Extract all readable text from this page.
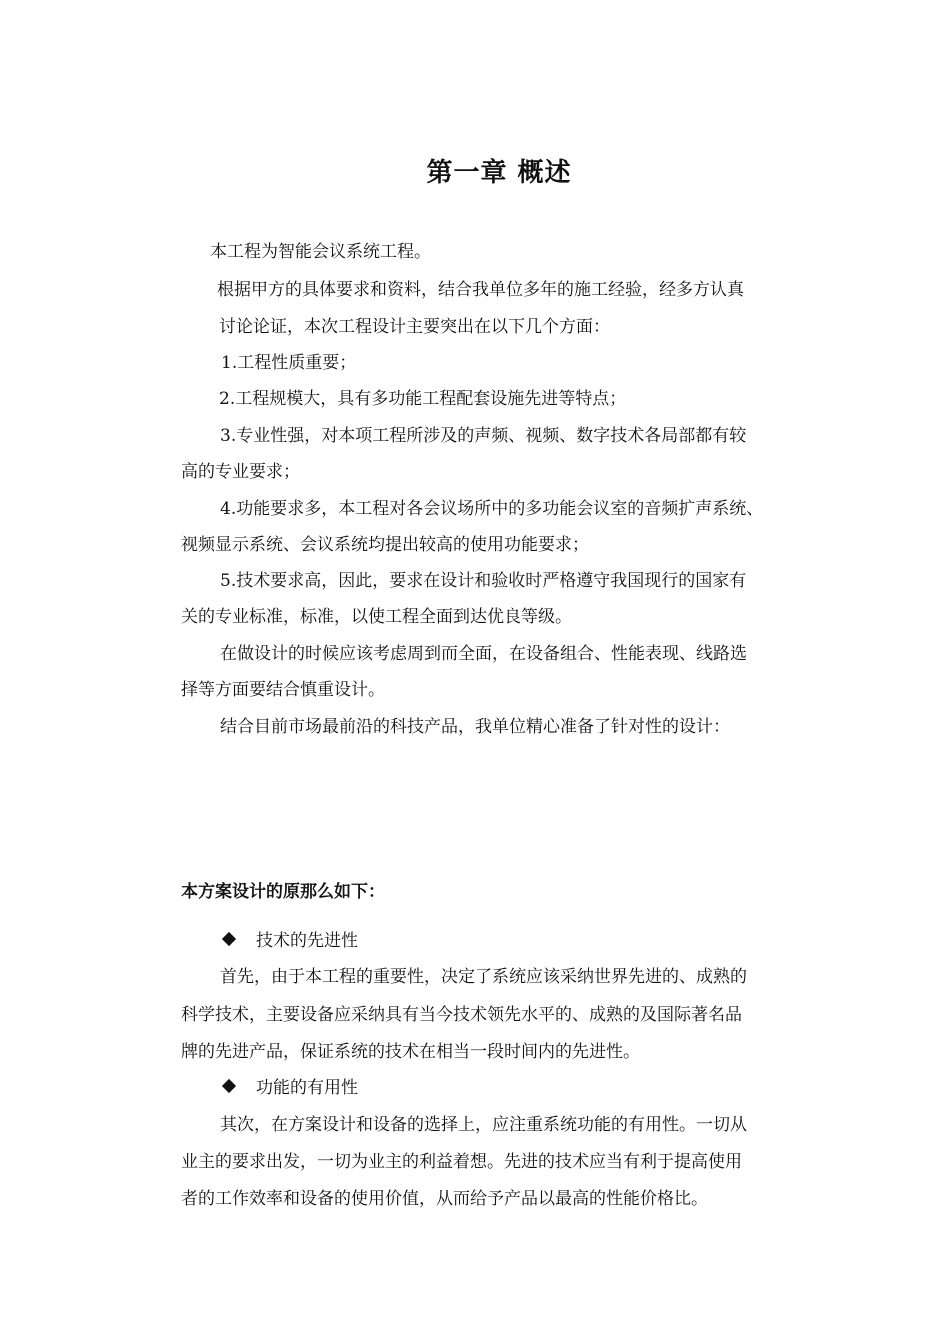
第一章 概述
本工程为智能会议系统工程。
根据甲方的具体要求和资料，结合我单位多年的施工经验，经多方认真
讨论论证，本次工程设计主要突出在以下几个方面：
1.工程性质重要；
2.工程规模大，具有多功能工程配套设施先进等特点；
3.专业性强，对本项工程所涉及的声频、视频、数字技术各局部都有较
高的专业要求；
4.功能要求多，本工程对各会议场所中的多功能会议室的音频扩声系统、
视频显示系统、会议系统均提出较高的使用功能要求；
5.技术要求高，因此，要求在设计和验收时严格遵守我国现行的国家有
关的专业标准，标准，以使工程全面到达优良等级。
在做设计的时候应该考虑周到而全面，在设备组合、性能表现、线路选
择等方面要结合慎重设计。
结合目前市场最前沿的科技产品，我单位精心准备了针对性的设计：
本方案设计的原那么如下：
技术的先进性
首先，由于本工程的重要性，决定了系统应该采纳世界先进的、成熟的
科学技术，主要设备应采纳具有当今技术领先水平的、成熟的及国际著名品
牌的先进产品，保证系统的技术在相当一段时间内的先进性。
功能的有用性
其次，在方案设计和设备的选择上，应注重系统功能的有用性。一切从
业主的要求出发，一切为业主的利益着想。先进的技术应当有利于提高使用
者的工作效率和设备的使用价值，从而给予产品以最高的性能价格比。
